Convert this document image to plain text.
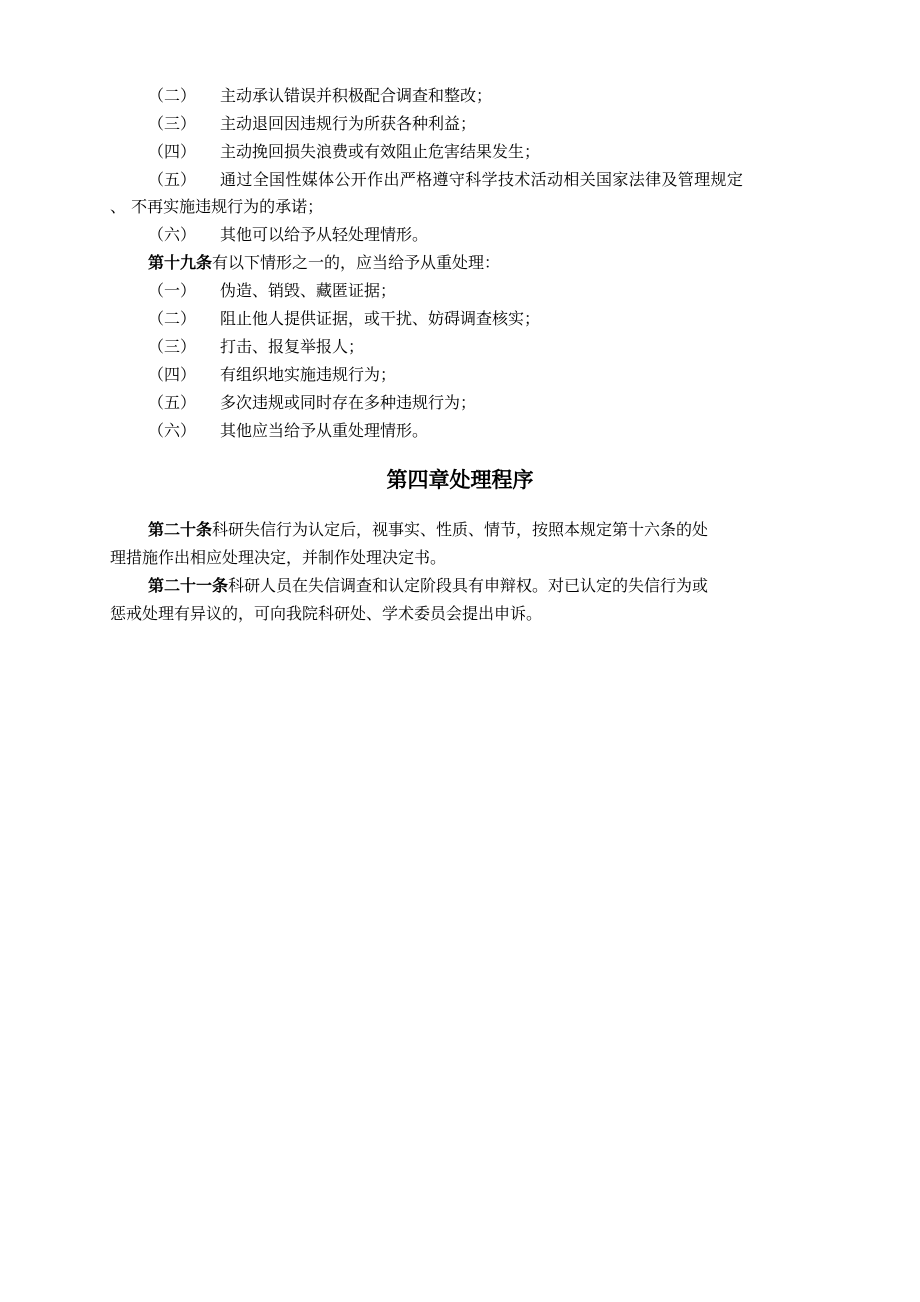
（二） 主动承认错误并积极配合调查和整改；
（三） 主动退回因违规行为所获各种利益；
（四） 主动挽回损失浪费或有效阻止危害结果发生；
（五） 通过全国性媒体公开作出严格遵守科学技术活动相关国家法律及管理规定
、 不再实施违规行为的承诺；
（六） 其他可以给予从轻处理情形。
第十九条有以下情形之一的，应当给予从重处理：
（一） 伪造、销毁、藏匿证据；
（二） 阻止他人提供证据，或干扰、妨碍调查核实；
（三） 打击、报复举报人；
（四） 有组织地实施违规行为；
（五） 多次违规或同时存在多种违规行为；
（六） 其他应当给予从重处理情形。
第四章处理程序
第二十条科研失信行为认定后，视事实、性质、情节，按照本规定第十六条的处
理措施作出相应处理决定，并制作处理决定书。
第二十一条科研人员在失信调查和认定阶段具有申辩权。对已认定的失信行为或
惩戒处理有异议的，可向我院科研处、学术委员会提出申诉。
